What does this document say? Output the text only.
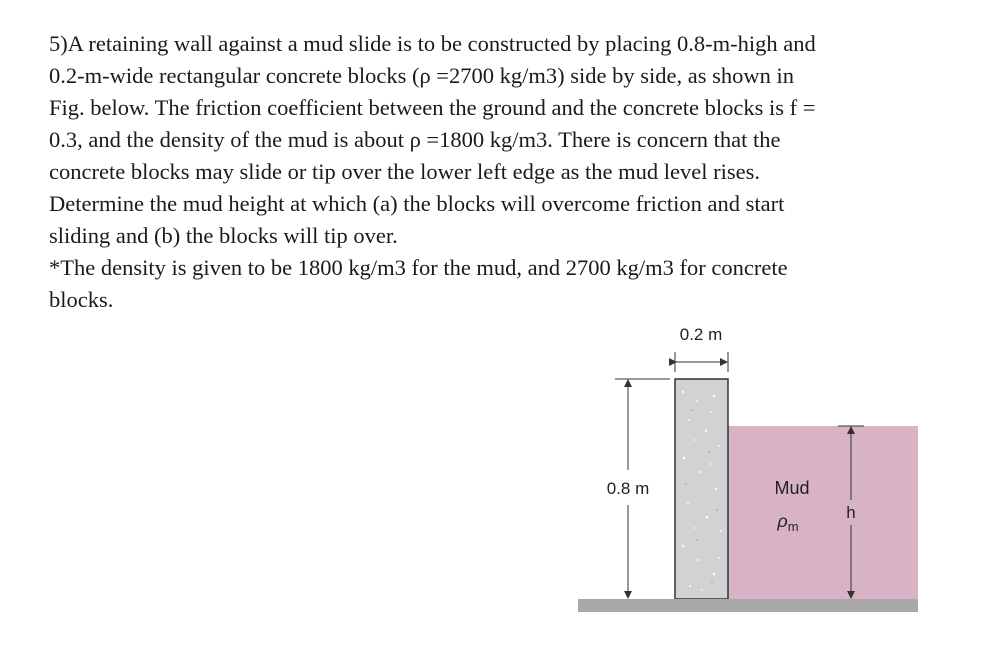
5)A retaining wall against a mud slide is to be constructed by placing 0.8-m-high and
0.2-m-wide rectangular concrete blocks (ρ =2700 kg/m3) side by side, as shown in
Fig. below. The friction coefficient between the ground and the concrete blocks is f =
0.3, and the density of the mud is about ρ =1800 kg/m3. There is concern that the
concrete blocks may slide or tip over the lower left edge as the mud level rises.
Determine the mud height at which (a) the blocks will overcome friction and start
sliding and (b) the blocks will tip over.
*The density is given to be 1800 kg/m3 for the mud, and 2700 kg/m3 for concrete
blocks.
0.2 m
0.8 m	Mud
$\rho_m$
h
